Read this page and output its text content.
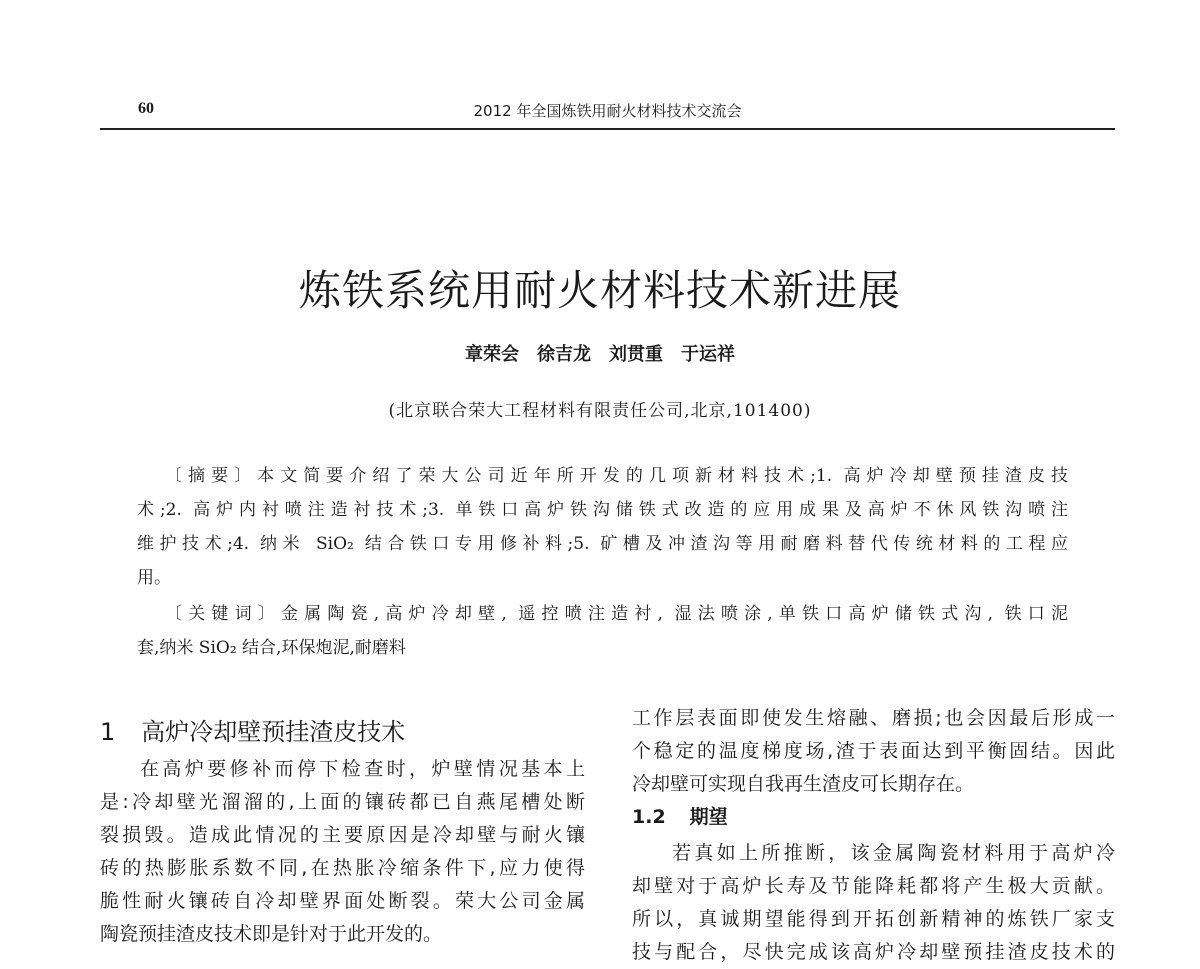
60	2012 年全国炼铁用耐火材料技术交流会
炼铁系统用耐火材料技术新进展
章荣会　徐吉龙　刘贯重　于运祥
(北京联合荣大工程材料有限责任公司,北京,101400)
〔摘要〕本文简要介绍了荣大公司近年所开发的几项新材料技术;1. 高炉冷却壁预挂渣皮技
术;2. 高炉内衬喷注造衬技术;3. 单铁口高炉铁沟储铁式改造的应用成果及高炉不休风铁沟喷注
维护技术;4. 纳米 SiO₂ 结合铁口专用修补料;5. 矿槽及冲渣沟等用耐磨料替代传统材料的工程应
用。
〔关键词〕金属陶瓷,高炉冷却壁, 遥控喷注造衬, 湿法喷涂,单铁口高炉储铁式沟, 铁口泥
套,纳米 SiO₂ 结合,环保炮泥,耐磨料
1 高炉冷却壁预挂渣皮技术
在高炉要修补而停下检查时，炉壁情况基本上
是:冷却壁光溜溜的,上面的镶砖都已自燕尾槽处断
裂损毁。造成此情况的主要原因是冷却壁与耐火镶
砖的热膨胀系数不同,在热胀冷缩条件下,应力使得
脆性耐火镶砖自冷却壁界面处断裂。荣大公司金属
陶瓷预挂渣皮技术即是针对于此开发的。
工作层表面即使发生熔融、磨损;也会因最后形成一
个稳定的温度梯度场,渣于表面达到平衡固结。因此
冷却壁可实现自我再生渣皮可长期存在。
1.2 期望
若真如上所推断，该金属陶瓷材料用于高炉冷
却壁对于高炉长寿及节能降耗都将产生极大贡献。
所以，真诚期望能得到开拓创新精神的炼铁厂家支
技与配合，尽快完成该高炉冷却壁预挂渣皮技术的
